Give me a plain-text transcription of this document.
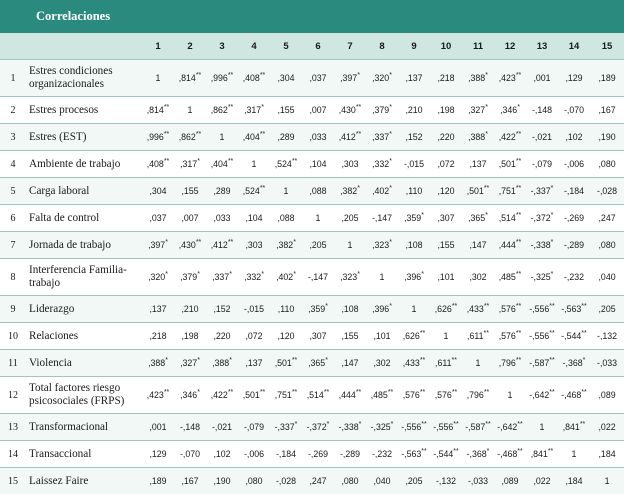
Correlaciones																
		1	2	3	4	5	6	7	8	9	10	11	12	13	14	15
1	Estres condiciones organizacionales	1	,814**	,996**	,408**	,304	,037	,397*	,320*	,137	,218	,388*	,423**	,001	,129	,189
2	Estres procesos	,814**	1	,862**	,317*	,155	,007	,430**	,379*	,210	,198	,327*	,346*	-,148	-,070	,167
3	Estres (EST)	,996**	,862**	1	,404**	,289	,033	,412**	,337*	,152	,220	,388*	,422**	-,021	,102	,190
4	Ambiente de trabajo	,408**	,317*	,404**	1	,524**	,104	,303	,332*	-,015	,072	,137	,501**	-,079	-,006	,080
5	Carga laboral	,304	,155	,289	,524**	1	,088	,382*	,402*	,110	,120	,501**	,751**	-,337*	-,184	-,028
6	Falta de control	,037	,007	,033	,104	,088	1	,205	-,147	,359*	,307	,365*	,514**	-,372*	-,269	,247
7	Jornada de trabajo	,397*	,430**	,412**	,303	,382*	,205	1	,323*	,108	,155	,147	,444**	-,338*	-,289	,080
8	Interferencia Familia-trabajo	,320*	,379*	,337*	,332*	,402*	-,147	,323*	1	,396*	,101	,302	,485**	-,325*	-,232	,040
9	Liderazgo	,137	,210	,152	-,015	,110	,359*	,108	,396*	1	,626**	,433**	,576**	-,556**	-,563**	,205
10	Relaciones	,218	,198	,220	,072	,120	,307	,155	,101	,626**	1	,611**	,576**	-,556**	-,544**	-,132
11	Violencia	,388*	,327*	,388*	,137	,501**	,365*	,147	,302	,433**	,611**	1	,796**	-,587**	-,368*	-,033
12	Total factores riesgo psicosociales (FRPS)	,423**	,346*	,422**	,501**	,751**	,514**	,444**	,485**	,576**	,576**	,796**	1	-,642**	-,468**	,089
13	Transformacional	,001	-,148	-,021	-,079	-,337*	-,372*	-,338*	-,325*	-,556**	-,556**	-,587**	-,642**	1	,841**	,022
14	Transaccional	,129	-,070	,102	-,006	-,184	-,269	-,289	-,232	-,563**	-,544**	-,368*	-,468**	,841**	1	,184
15	Laissez Faire	,189	,167	,190	,080	-,028	,247	,080	,040	,205	-,132	-,033	,089	,022	,184	1
